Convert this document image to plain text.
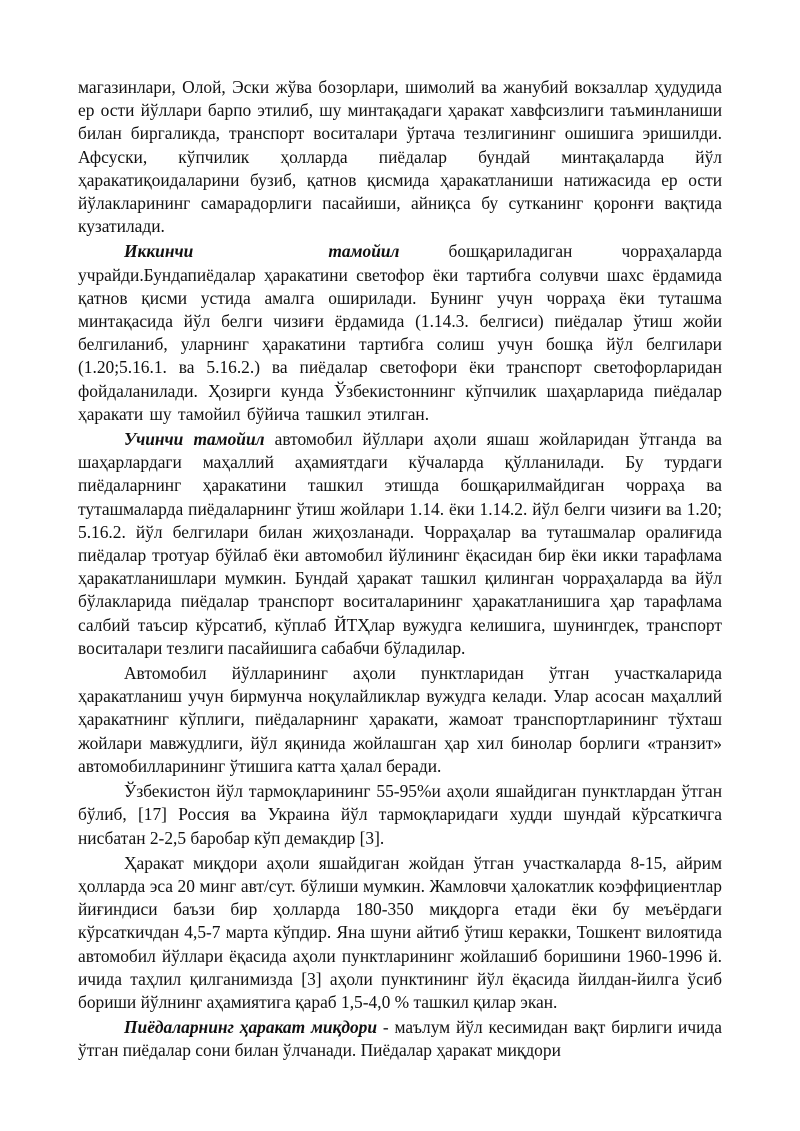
магазинлари, Олой, Эски жўва бозорлари, шимолий ва жанубий вокзаллар ҳудудида ер ости йўллари барпо этилиб, шу минтақадаги ҳаракат хавфсизлиги таъминланиши билан биргаликда, транспорт воситалари ўртача тезлигининг ошишига эришилди. Афсуски, кўпчилик ҳолларда пиёдалар бундай минтақаларда йўл ҳаракатиқоидаларини бузиб, қатнов қисмида ҳаракатланиши натижасида ер ости йўлакларининг самарадорлиги пасайиши, айниқса бу сутканинг қоронғи вақтида кузатилади.

Иккинчи тамойил бошқариладиган чорраҳаларда учрайди.Бундапиёдалар ҳаракатини светофор ёки тартибга солувчи шахс ёрдамида қатнов қисми устида амалга оширилади. Бунинг учун чорраҳа ёки туташма минтақасида йўл белги чизиғи ёрдамида (1.14.3. белгиси) пиёдалар ўтиш жойи белгиланиб, уларнинг ҳаракатини тартибга солиш учун бошқа йўл белгилари (1.20;5.16.1. ва 5.16.2.) ва пиёдалар светофори ёки транспорт светофорларидан фойдаланилади. Ҳозирги кунда Ўзбекистоннинг кўпчилик шаҳарларида пиёдалар ҳаракати шу тамойил бўйича ташкил этилган.

Учинчи тамойил автомобил йўллари аҳоли яшаш жойларидан ўтганда ва шаҳарлардаги маҳаллий аҳамиятдаги кўчаларда қўлланилади. Бу турдаги пиёдаларнинг ҳаракатини ташкил этишда бошқарилмайдиган чорраҳа ва туташмаларда пиёдаларнинг ўтиш жойлари 1.14. ёки 1.14.2. йўл белги чизиғи ва 1.20; 5.16.2. йўл белгилари билан жиҳозланади. Чорраҳалар ва туташмалар оралиғида пиёдалар тротуар бўйлаб ёки автомобил йўлининг ёқасидан бир ёки икки тарафлама ҳаракатланишлари мумкин. Бундай ҳаракат ташкил қилинган чорраҳаларда ва йўл бўлакларида пиёдалар транспорт воситаларининг ҳаракатланишига ҳар тарафлама салбий таъсир кўрсатиб, кўплаб ЙТҲлар вужудга келишига, шунингдек, транспорт воситалари тезлиги пасайишига сабабчи бўладилар.

Автомобил йўлларининг аҳоли пунктларидан ўтган участкаларида ҳаракатланиш учун бирмунча ноқулайликлар вужудга келади. Улар асосан маҳаллий ҳаракатнинг кўплиги, пиёдаларнинг ҳаракати, жамоат транспортларининг тўхташ жойлари мавжудлиги, йўл яқинида жойлашган ҳар хил бинолар борлиги «транзит» автомобилларининг ўтишига катта ҳалал беради.

Ўзбекистон йўл тармоқларининг 55-95%и аҳоли яшайдиган пунктлардан ўтган бўлиб, [17] Россия ва Украина йўл тармоқларидаги худди шундай кўрсаткичга нисбатан 2-2,5 баробар кўп демакдир [3].

Ҳаракат миқдори аҳоли яшайдиган жойдан ўтган участкаларда 8-15, айрим ҳолларда эса 20 минг авт/сут. бўлиши мумкин. Жамловчи ҳалокатлик коэффициентлар йиғиндиси баъзи бир ҳолларда 180-350 миқдорга етади ёки бу меъёрдаги кўрсаткичдан 4,5-7 марта кўпдир. Яна шуни айтиб ўтиш керакки, Тошкент вилоятида автомобил йўллари ёқасида аҳоли пунктларининг жойлашиб боришини 1960-1996 й. ичида таҳлил қилганимизда [3] аҳоли пунктининг йўл ёқасида йилдан-йилга ўсиб бориши йўлнинг аҳамиятига қараб 1,5-4,0 % ташкил қилар экан.

Пиёдаларнинг ҳаракат миқдори - маълум йўл кесимидан вақт бирлиги ичида ўтган пиёдалар сони билан ўлчанади. Пиёдалар ҳаракат миқдори
